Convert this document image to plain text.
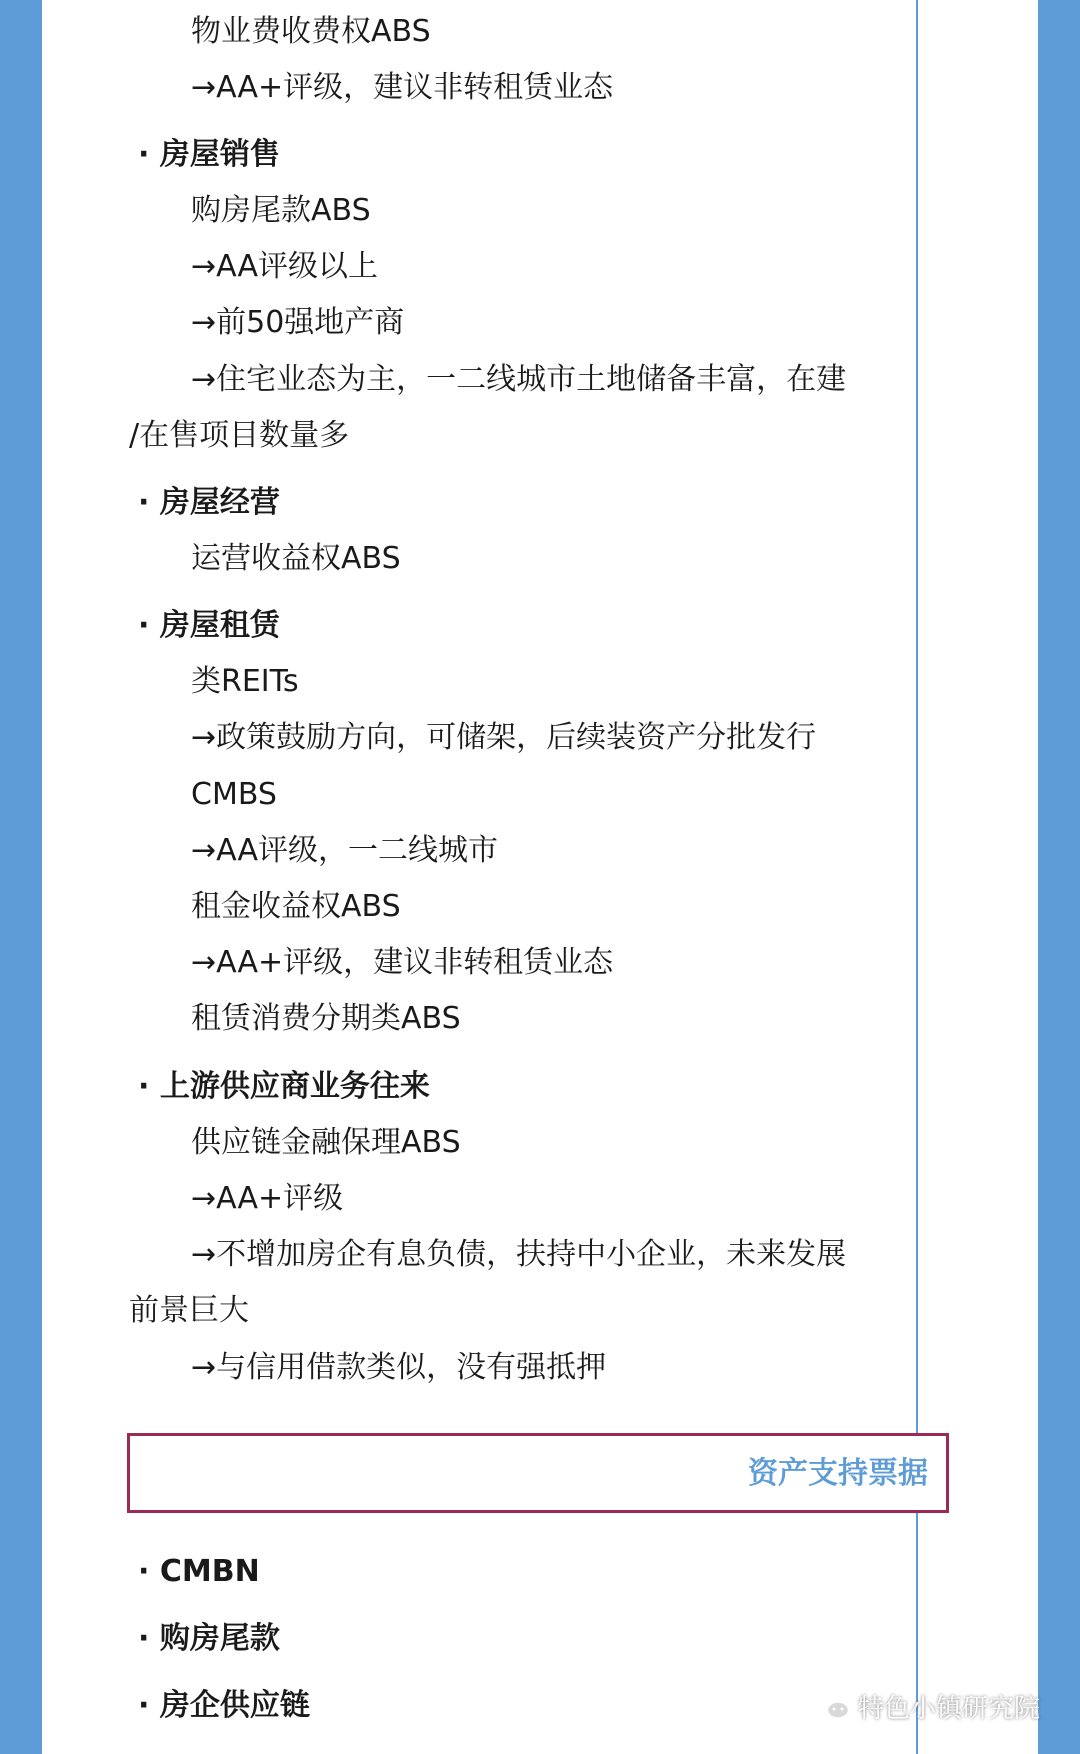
物业费收费权ABS

→AA+评级，建议非转租赁业态

· 房屋销售

购房尾款ABS

→AA评级以上

→前50强地产商

→住宅业态为主，一二线城市土地储备丰富，在建

/在售项目数量多

· 房屋经营

运营收益权ABS

· 房屋租赁

类REITs

→政策鼓励方向，可储架，后续装资产分批发行

CMBS

→AA评级，一二线城市

租金收益权ABS

→AA+评级，建议非转租赁业态

租赁消费分期类ABS

· 上游供应商业务往来

供应链金融保理ABS

→AA+评级

→不增加房企有息负债，扶持中小企业，未来发展

前景巨大

→与信用借款类似，没有强抵押

资产支持票据

· CMBN

· 购房尾款

· 房企供应链	特色小镇研究院
